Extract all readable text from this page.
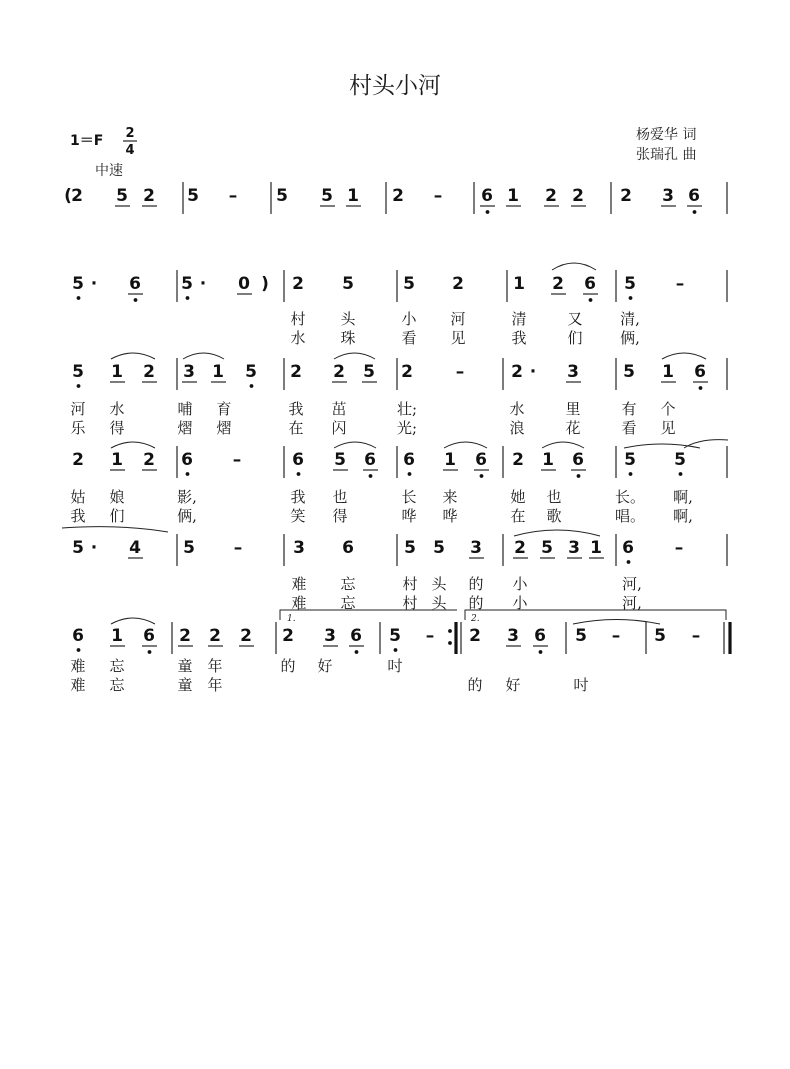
村头小河
1＝F 2
4
中速
杨爱华 词
张瑞孔 曲
2 5 2 5 – 5 5 1 2 – 6 1 2 2 2 3 6
5 · 6 5 · 0 2 5	5 2	1 2 6 5 –
村 头	小 河	清	又	清,
水 珠	看 见	我	们	俩,
5 1 2 3 1 5 2 2 5 2	–	2 · 3	5 1 6
河 水	哺 育	我 茁	壮;	水	里	有 个
乐 得	熠 熠	在 闪	光;	浪	花	看 见
2 1 2 6 –	6 5 6 6 1 6 2 1 6 5 5
姑 娘	影,	我 也	长 来	她 也	长。 啊,
我 们	俩,	笑 得	哗 哗	在 歌	唱。 啊,
5 · 4 5 –	3 6	5 5 3 2 5 3 1 6 –
难 忘	村 头 的 小	河,
难 忘	村 头 的 小	河,
6 1 6 2 2 2 2 3 6 5 – 2 3 6 5 – 5 –
难 忘	童 年	的 好	吋
难 忘	童 年	的 好	吋
(
)
1.	2.
